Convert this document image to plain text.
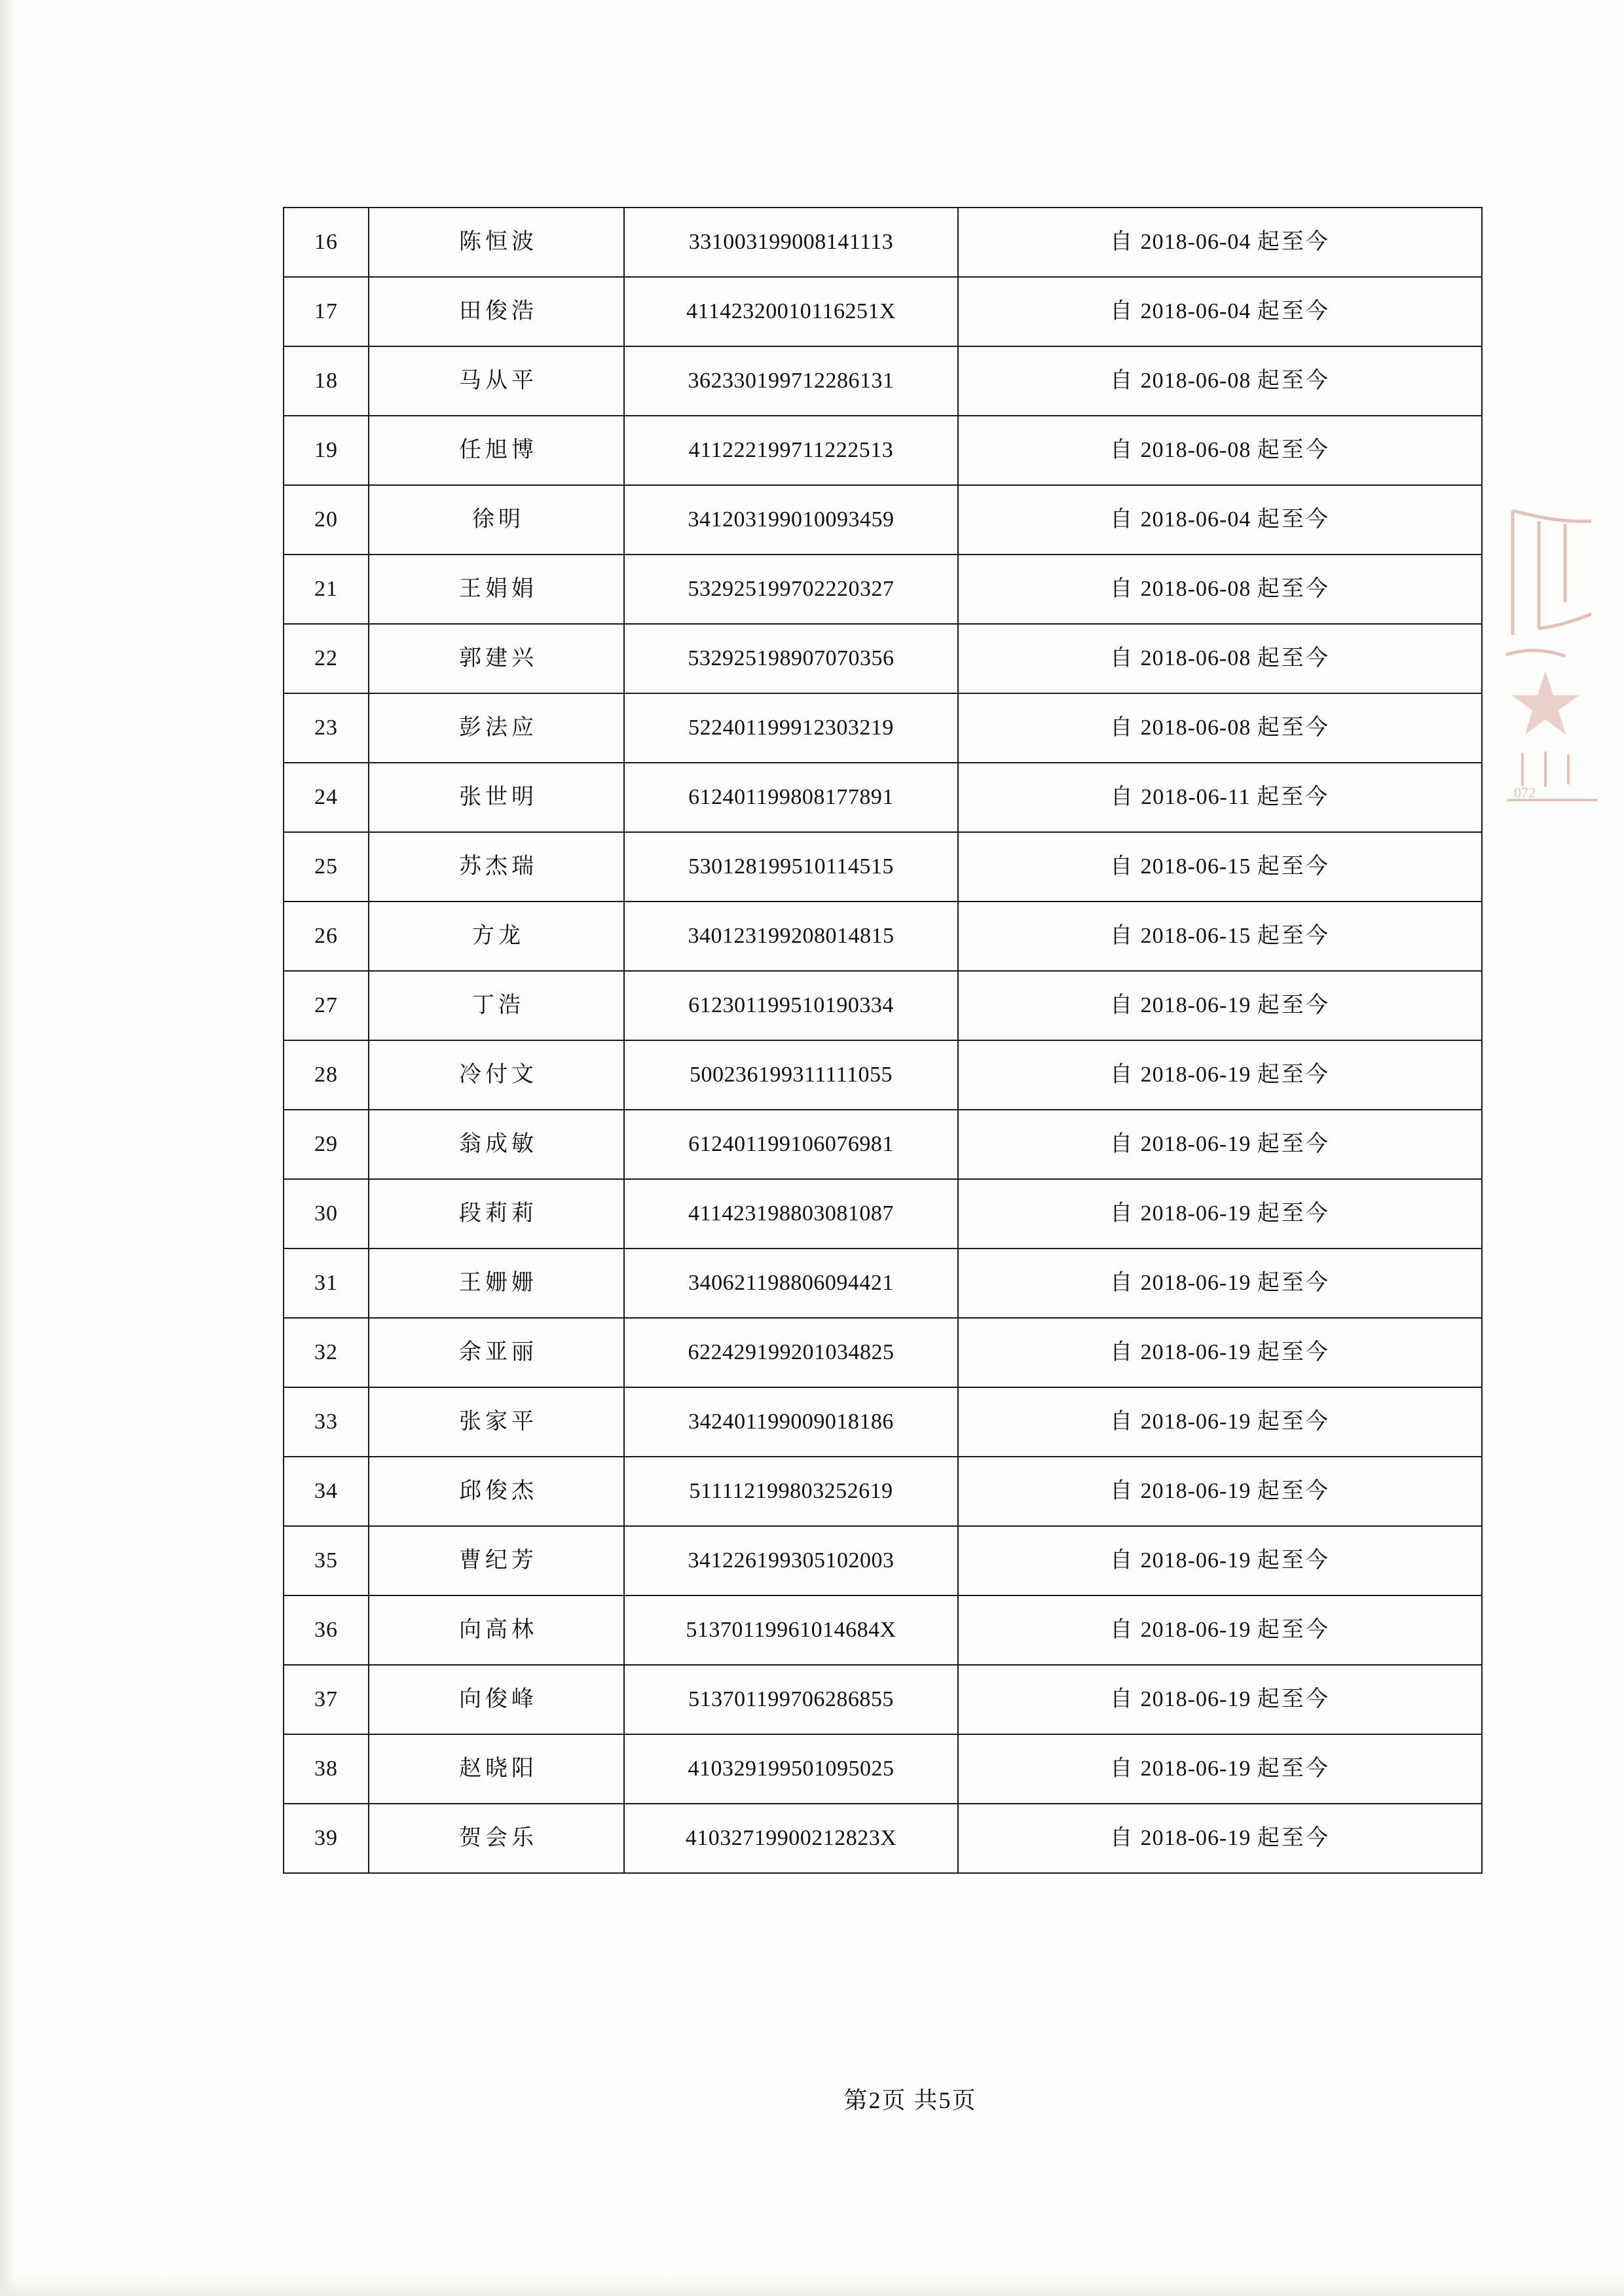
16	陈恒波	331003199008141113	自 2018-06-04 起至今
17	田俊浩	41142320010116251X	自 2018-06-04 起至今
18	马从平	362330199712286131	自 2018-06-08 起至今
19	任旭博	411222199711222513	自 2018-06-08 起至今
20	徐明	341203199010093459	自 2018-06-04 起至今
21	王娟娟	532925199702220327	自 2018-06-08 起至今
22	郭建兴	532925198907070356	自 2018-06-08 起至今
23	彭法应	522401199912303219	自 2018-06-08 起至今
24	张世明	612401199808177891	自 2018-06-11 起至今
25	苏杰瑞	530128199510114515	自 2018-06-15 起至今
26	方龙	340123199208014815	自 2018-06-15 起至今
27	丁浩	612301199510190334	自 2018-06-19 起至今
28	冷付文	500236199311111055	自 2018-06-19 起至今
29	翁成敏	612401199106076981	自 2018-06-19 起至今
30	段莉莉	411423198803081087	自 2018-06-19 起至今
31	王姗姗	340621198806094421	自 2018-06-19 起至今
32	余亚丽	622429199201034825	自 2018-06-19 起至今
33	张家平	342401199009018186	自 2018-06-19 起至今
34	邱俊杰	511112199803252619	自 2018-06-19 起至今
35	曹纪芳	341226199305102003	自 2018-06-19 起至今
36	向高林	51370119961014684X	自 2018-06-19 起至今
37	向俊峰	513701199706286855	自 2018-06-19 起至今
38	赵晓阳	410329199501095025	自 2018-06-19 起至今
39	贺会乐	41032719900212823X	自 2018-06-19 起至今
第2页 共5页
072
